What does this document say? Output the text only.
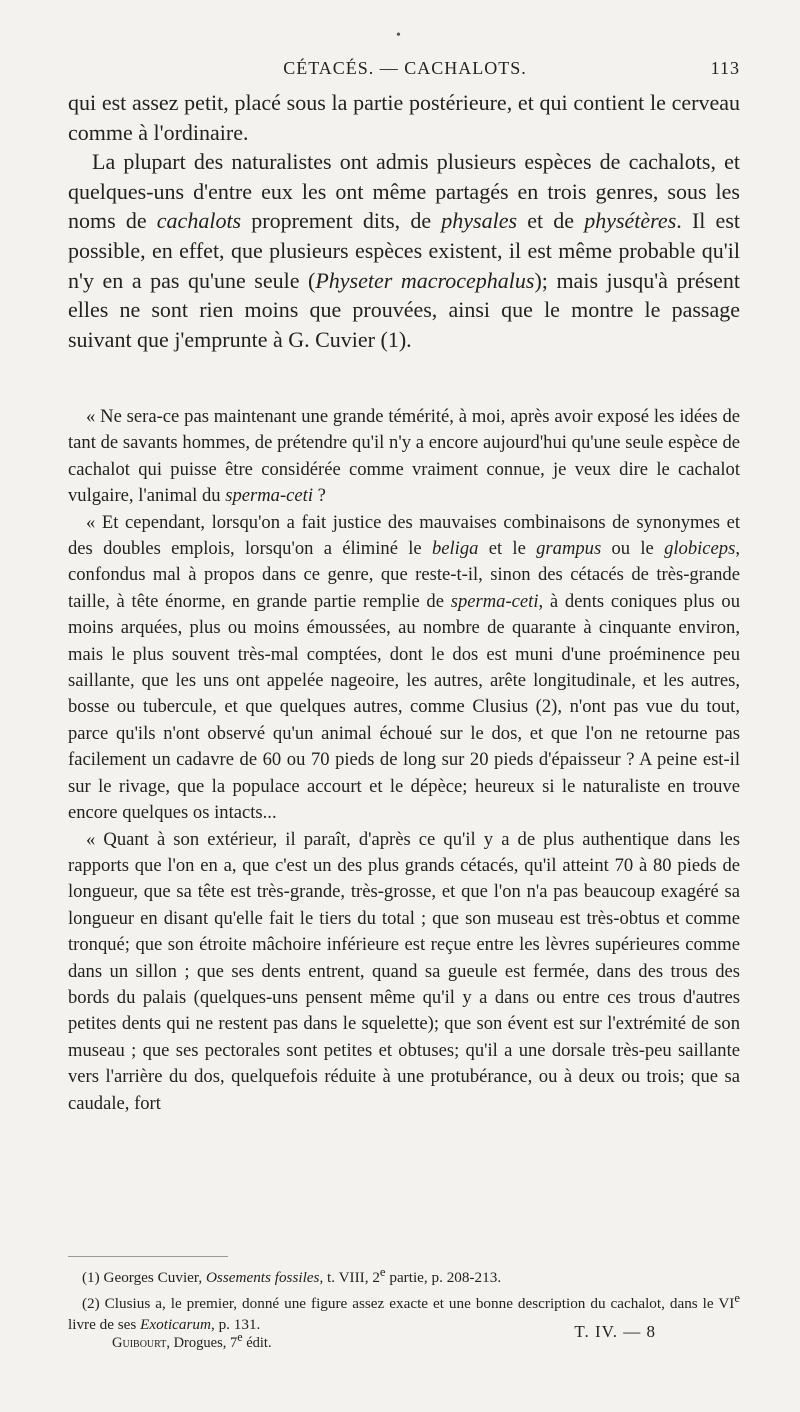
•
CÉTACÉS. — CACHALOTS.	113

qui est assez petit, placé sous la partie postérieure, et qui contient le cerveau comme à l'ordinaire.

La plupart des naturalistes ont admis plusieurs espèces de cachalots, et quelques-uns d'entre eux les ont même partagés en trois genres, sous les noms de cachalots proprement dits, de physales et de physétères. Il est possible, en effet, que plusieurs espèces existent, il est même probable qu'il n'y en a pas qu'une seule (Physeter macrocephalus); mais jusqu'à présent elles ne sont rien moins que prouvées, ainsi que le montre le passage suivant que j'emprunte à G. Cuvier (1).

« Ne sera-ce pas maintenant une grande témérité, à moi, après avoir exposé les idées de tant de savants hommes, de prétendre qu'il n'y a encore aujourd'hui qu'une seule espèce de cachalot qui puisse être considérée comme vraiment connue, je veux dire le cachalot vulgaire, l'animal du sperma-ceti ?

« Et cependant, lorsqu'on a fait justice des mauvaises combinaisons de synonymes et des doubles emplois, lorsqu'on a éliminé le beliga et le grampus ou le globiceps, confondus mal à propos dans ce genre, que reste-t-il, sinon des cétacés de très-grande taille, à tête énorme, en grande partie remplie de sperma-ceti, à dents coniques plus ou moins arquées, plus ou moins émoussées, au nombre de quarante à cinquante environ, mais le plus souvent très-mal comptées, dont le dos est muni d'une proéminence peu saillante, que les uns ont appelée nageoire, les autres, arête longitudinale, et les autres, bosse ou tubercule, et que quelques autres, comme Clusius (2), n'ont pas vue du tout, parce qu'ils n'ont observé qu'un animal échoué sur le dos, et que l'on ne retourne pas facilement un cadavre de 60 ou 70 pieds de long sur 20 pieds d'épaisseur ? A peine est-il sur le rivage, que la populace accourt et le dépèce; heureux si le naturaliste en trouve encore quelques os intacts...

« Quant à son extérieur, il paraît, d'après ce qu'il y a de plus authentique dans les rapports que l'on en a, que c'est un des plus grands cétacés, qu'il atteint 70 à 80 pieds de longueur, que sa tête est très-grande, très-grosse, et que l'on n'a pas beaucoup exagéré sa longueur en disant qu'elle fait le tiers du total ; que son museau est très-obtus et comme tronqué; que son étroite mâchoire inférieure est reçue entre les lèvres supérieures comme dans un sillon ; que ses dents entrent, quand sa gueule est fermée, dans des trous des bords du palais (quelques-uns pensent même qu'il y a dans ou entre ces trous d'autres petites dents qui ne restent pas dans le squelette); que son évent est sur l'extrémité de son museau ; que ses pectorales sont petites et obtuses; qu'il a une dorsale très-peu saillante vers l'arrière du dos, quelquefois réduite à une protubérance, ou à deux ou trois; que sa caudale, fort

(1) Georges Cuvier, Ossements fossiles, t. VIII, 2e partie, p. 208-213.

(2) Clusius a, le premier, donné une figure assez exacte et une bonne description du cachalot, dans le VIe livre de ses Exoticarum, p. 131.

Guibourt, Drogues, 7e édit.
T. IV. — 8
